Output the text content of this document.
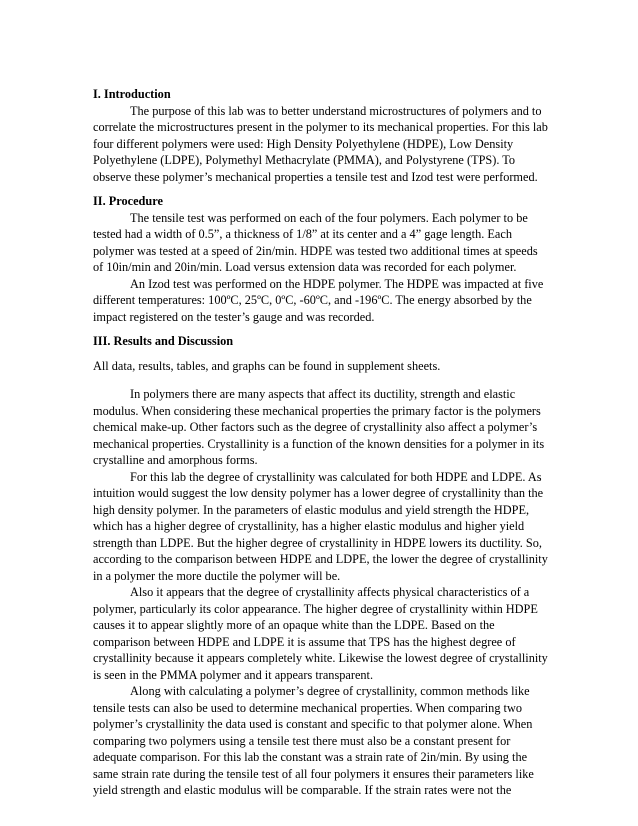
I. Introduction

The purpose of this lab was to better understand microstructures of polymers and to correlate the microstructures present in the polymer to its mechanical properties. For this lab four different polymers were used: High Density Polyethylene (HDPE), Low Density Polyethylene (LDPE), Polymethyl Methacrylate (PMMA), and Polystyrene (TPS). To observe these polymer’s mechanical properties a tensile test and Izod test were performed.

II. Procedure

The tensile test was performed on each of the four polymers. Each polymer to be tested had a width of 0.5”, a thickness of 1/8” at its center and a 4” gage length. Each polymer was tested at a speed of 2in/min. HDPE was tested two additional times at speeds of 10in/min and 20in/min. Load versus extension data was recorded for each polymer.

An Izod test was performed on the HDPE polymer. The HDPE was impacted at five different temperatures: 100ºC, 25ºC, 0ºC, -60ºC, and -196ºC. The energy absorbed by the impact registered on the tester’s gauge and was recorded.

III. Results and Discussion

All data, results, tables, and graphs can be found in supplement sheets.

In polymers there are many aspects that affect its ductility, strength and elastic modulus. When considering these mechanical properties the primary factor is the polymers chemical make-up. Other factors such as the degree of crystallinity also affect a polymer’s mechanical properties. Crystallinity is a function of the known densities for a polymer in its crystalline and amorphous forms.

For this lab the degree of crystallinity was calculated for both HDPE and LDPE. As intuition would suggest the low density polymer has a lower degree of crystallinity than the high density polymer. In the parameters of elastic modulus and yield strength the HDPE, which has a higher degree of crystallinity, has a higher elastic modulus and higher yield strength than LDPE. But the higher degree of crystallinity in HDPE lowers its ductility. So, according to the comparison between HDPE and LDPE, the lower the degree of crystallinity in a polymer the more ductile the polymer will be.

Also it appears that the degree of crystallinity affects physical characteristics of a polymer, particularly its color appearance. The higher degree of crystallinity within HDPE causes it to appear slightly more of an opaque white than the LDPE. Based on the comparison between HDPE and LDPE it is assume that TPS has the highest degree of crystallinity because it appears completely white. Likewise the lowest degree of crystallinity is seen in the PMMA polymer and it appears transparent.

Along with calculating a polymer’s degree of crystallinity, common methods like tensile tests can also be used to determine mechanical properties. When comparing two polymer’s crystallinity the data used is constant and specific to that polymer alone. When comparing two polymers using a tensile test there must also be a constant present for adequate comparison. For this lab the constant was a strain rate of 2in/min. By using the same strain rate during the tensile test of all four polymers it ensures their parameters like yield strength and elastic modulus will be comparable. If the strain rates were not the
